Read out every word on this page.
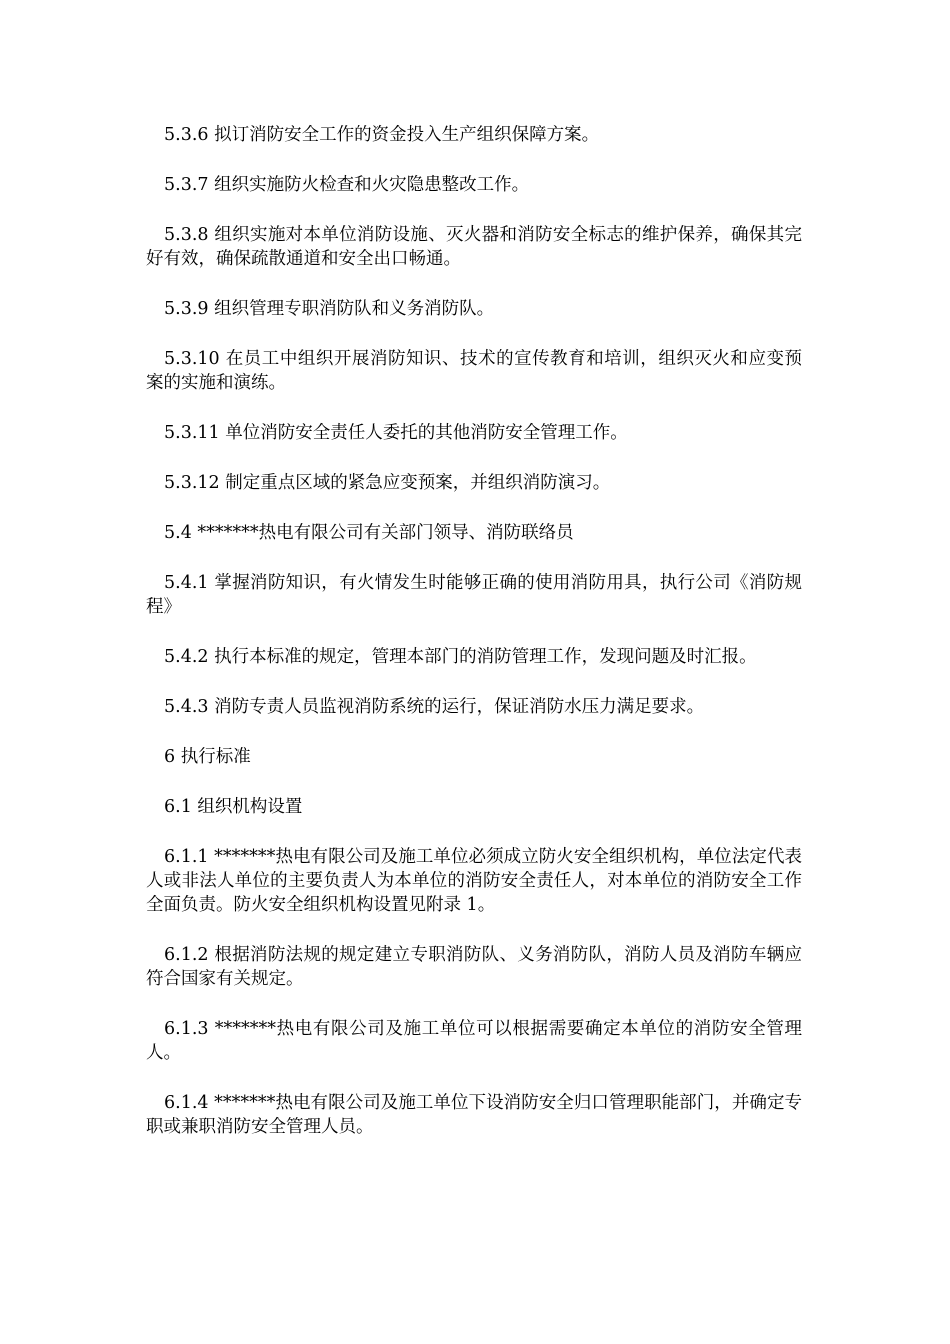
5.3.6 拟订消防安全工作的资金投入生产组织保障方案。

5.3.7 组织实施防火检查和火灾隐患整改工作。

5.3.8 组织实施对本单位消防设施、灭火器和消防安全标志的维护保养，确保其完好有效，确保疏散通道和安全出口畅通。

5.3.9 组织管理专职消防队和义务消防队。

5.3.10 在员工中组织开展消防知识、技术的宣传教育和培训，组织灭火和应变预案的实施和演练。

5.3.11 单位消防安全责任人委托的其他消防安全管理工作。

5.3.12 制定重点区域的紧急应变预案，并组织消防演习。

5.4 *******热电有限公司有关部门领导、消防联络员

5.4.1 掌握消防知识，有火情发生时能够正确的使用消防用具，执行公司《消防规程》

5.4.2 执行本标准的规定，管理本部门的消防管理工作，发现问题及时汇报。

5.4.3 消防专责人员监视消防系统的运行，保证消防水压力满足要求。

6 执行标准

6.1 组织机构设置

6.1.1 *******热电有限公司及施工单位必须成立防火安全组织机构，单位法定代表人或非法人单位的主要负责人为本单位的消防安全责任人，对本单位的消防安全工作全面负责。防火安全组织机构设置见附录 1。

6.1.2 根据消防法规的规定建立专职消防队、义务消防队，消防人员及消防车辆应符合国家有关规定。

6.1.3 *******热电有限公司及施工单位可以根据需要确定本单位的消防安全管理人。

6.1.4 *******热电有限公司及施工单位下设消防安全归口管理职能部门，并确定专职或兼职消防安全管理人员。
